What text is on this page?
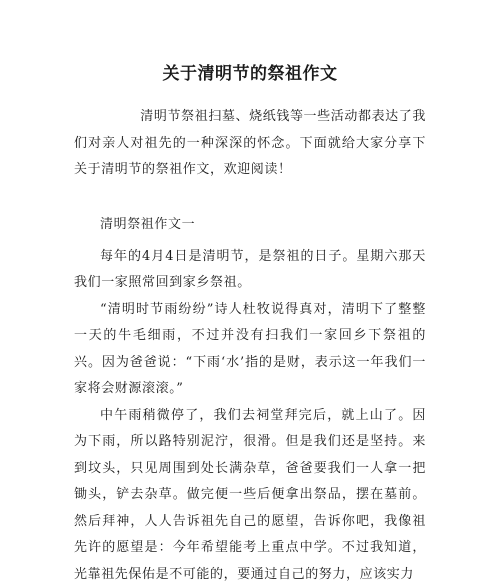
关于清明节的祭祖作文

清明节祭祖扫墓、烧纸钱等一些活动都表达了我们对亲人对祖先的一种深深的怀念。下面就给大家分享下关于清明节的祭祖作文，欢迎阅读！

清明祭祖作文一

每年的4月4日是清明节，是祭祖的日子。星期六那天我们一家照常回到家乡祭祖。

“清明时节雨纷纷”诗人杜牧说得真对，清明下了整整一天的牛毛细雨，不过并没有扫我们一家回乡下祭祖的兴。因为爸爸说：“下雨‘水’指的是财，表示这一年我们一家将会财源滚滚。”

中午雨稍微停了，我们去祠堂拜完后，就上山了。因为下雨，所以路特别泥泞，很滑。但是我们还是坚持。来到坟头，只见周围到处长满杂草，爸爸要我们一人拿一把锄头，铲去杂草。做完便一些后便拿出祭品，摆在墓前。然后拜神，人人告诉祖先自己的愿望，告诉你吧，我像祖先许的愿望是：今年希望能考上重点中学。不过我知道，光靠祖先保佑是不可能的，要通过自己的努力，应该实力
